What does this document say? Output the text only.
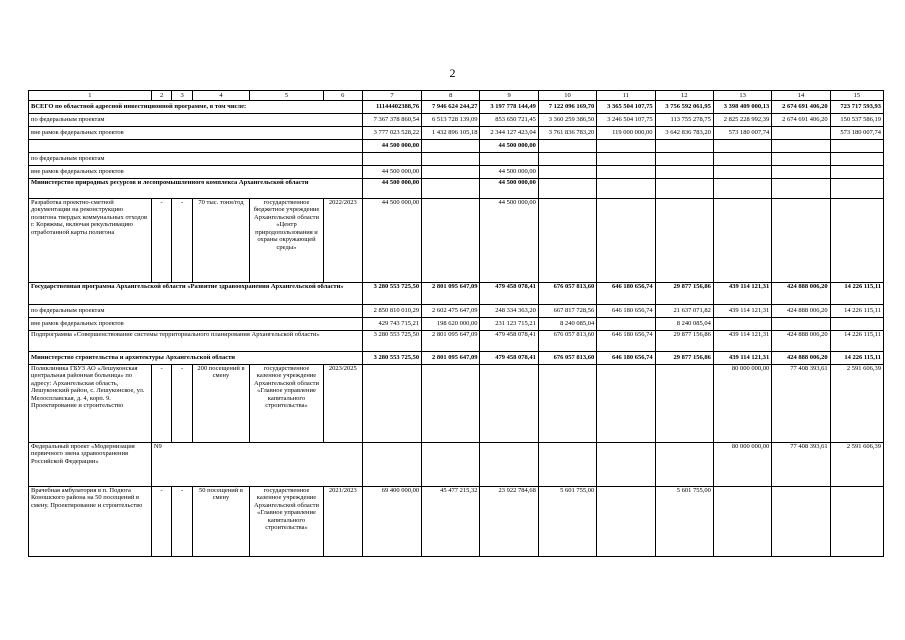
2
1	2	3	4	5	6	7	8	9	10	11	12	13	14	15
ВСЕГО по областной адресной инвестиционной программе, в том числе:						11144402388,76	7 946 624 244,27	3 197 778 144,49	7 122 096 169,70	3 365 504 107,75	3 756 592 061,95	3 398 409 000,13	2 674 691 406,20	723 717 593,93
по федеральным проектам						7 367 378 860,54	6 513 728 139,09	853 650 721,45	3 360 259 386,50	3 246 504 107,75	113 755 278,75	2 825 228 992,39	2 674 691 406,20	150 537 586,19
вне рамок федеральных проектов						3 777 023 528,22	1 432 896 105,18	2 344 127 423,04	3 761 836 783,20	119 000 000,00	3 642 836 783,20	573 180 007,74		573 180 007,74
						44 500 000,00		44 500 000,00						
по федеральным проектам														
вне рамок федеральных проектов						44 500 000,00		44 500 000,00						
Министерство природных ресурсов и лесопромышленного комплекса Архангельской области						44 500 000,00		44 500 000,00						
Разработка проектно-сметной документации на реконструкцию полигона твердых коммунальных отходов г. Коряжмы, включая рекультивацию отработанной карты полигона	-	-	70 тыс. тонн/год	государственное бюджетное учреждение Архангельской области «Центр природопользования и охраны окружающей среды»	2022/2023	44 500 000,00		44 500 000,00						
Государственная программа Архангельской области «Развитие здравоохранения Архангельской области»						3 280 553 725,50	2 801 095 647,09	479 458 078,41	676 057 813,60	646 180 656,74	29 877 156,86	439 114 121,31	424 888 006,20	14 226 115,11
по федеральным проектам						2 850 810 010,29	2 602 475 647,09	248 334 363,20	667 817 728,56	646 180 656,74	21 637 071,82	439 114 121,31	424 888 006,20	14 226 115,11
вне рамок федеральных проектов						429 743 715,21	198 620 000,00	231 123 715,21	8 240 085,04		8 240 085,04			
Подпрограмма «Совершенствование системы территориального планирования Архангельской области»						3 280 553 725,50	2 801 095 647,09	479 458 078,41	676 057 813,60	646 180 656,74	29 877 156,86	439 114 121,31	424 888 006,20	14 226 115,11
Министерство строительства и архитектуры Архангельской области						3 280 553 725,50	2 801 095 647,09	479 458 078,41	676 057 813,60	646 180 656,74	29 877 156,86	439 114 121,31	424 888 006,20	14 226 115,11
Поликлиника ГБУЗ АО «Лешуконская центральная районная больница» по адресу: Архангельская область, Лешуконский район, с. Лешуконское, ул. Мелосплавская, д. 4, корп. 9. Проектирование и строительство	-	-	200 посещений в смену	государственное казенное учреждение Архангельской области «Главное управление капитального строительства»	2023/2025							80 000 000,00	77 408 393,61	2 591 606,39
Федеральный проект «Модернизация первичного звена здравоохранения Российской Федерации»	N9											80 000 000,00	77 408 393,61	2 591 606,39
Врачебная амбулатория в п. Подюга Коношского района на 50 посещений в смену. Проектирование и строительство	-	-	50 посещений в смену	государственное казенное учреждение Архангельской области «Главное управление капитального строительства»	2021/2023	69 400 000,00	45 477 215,32	23 922 784,68	5 601 755,00		5 601 755,00			
